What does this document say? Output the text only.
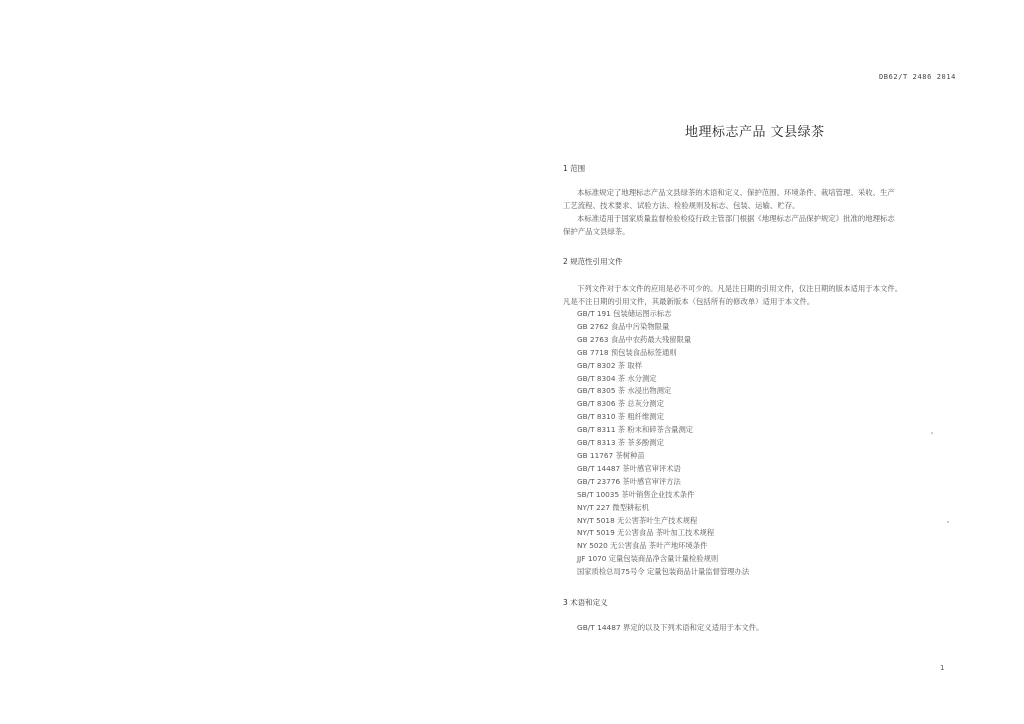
DB62/T 2486 2014
地理标志产品 文县绿茶
1 范围
本标准规定了地理标志产品文县绿茶的术语和定义、保护范围、环境条件、栽培管理、采收、生产
工艺流程、技术要求、试验方法、检验规则及标志、包装、运输、贮存。
本标准适用于国家质量监督检验检疫行政主管部门根据《地理标志产品保护规定》批准的地理标志
保护产品文县绿茶。
2 规范性引用文件
下列文件对于本文件的应用是必不可少的。凡是注日期的引用文件，仅注日期的版本适用于本文件。
凡是不注日期的引用文件，其最新版本（包括所有的修改单）适用于本文件。
GB/T 191 包装储运图示标志
GB 2762 食品中污染物限量
GB 2763 食品中农药最大残留限量
GB 7718 预包装食品标签通则
GB/T 8302 茶 取样
GB/T 8304 茶 水分测定
GB/T 8305 茶 水浸出物测定
GB/T 8306 茶 总灰分测定
GB/T 8310 茶 粗纤维测定
GB/T 8311 茶 粉末和碎茶含量测定
GB/T 8313 茶 茶多酚测定
GB 11767 茶树种苗
GB/T 14487 茶叶感官审评术语
GB/T 23776 茶叶感官审评方法
SB/T 10035 茶叶销售企业技术条件
NY/T 227 微型耕耘机
NY/T 5018 无公害茶叶生产技术规程
NY/T 5019 无公害食品 茶叶加工技术规程
NY 5020 无公害食品 茶叶产地环境条件
JJF 1070 定量包装商品净含量计量检验规则
国家质检总局75号令 定量包装商品计量监督管理办法
3 术语和定义
GB/T 14487 界定的以及下列术语和定义适用于本文件。
1
